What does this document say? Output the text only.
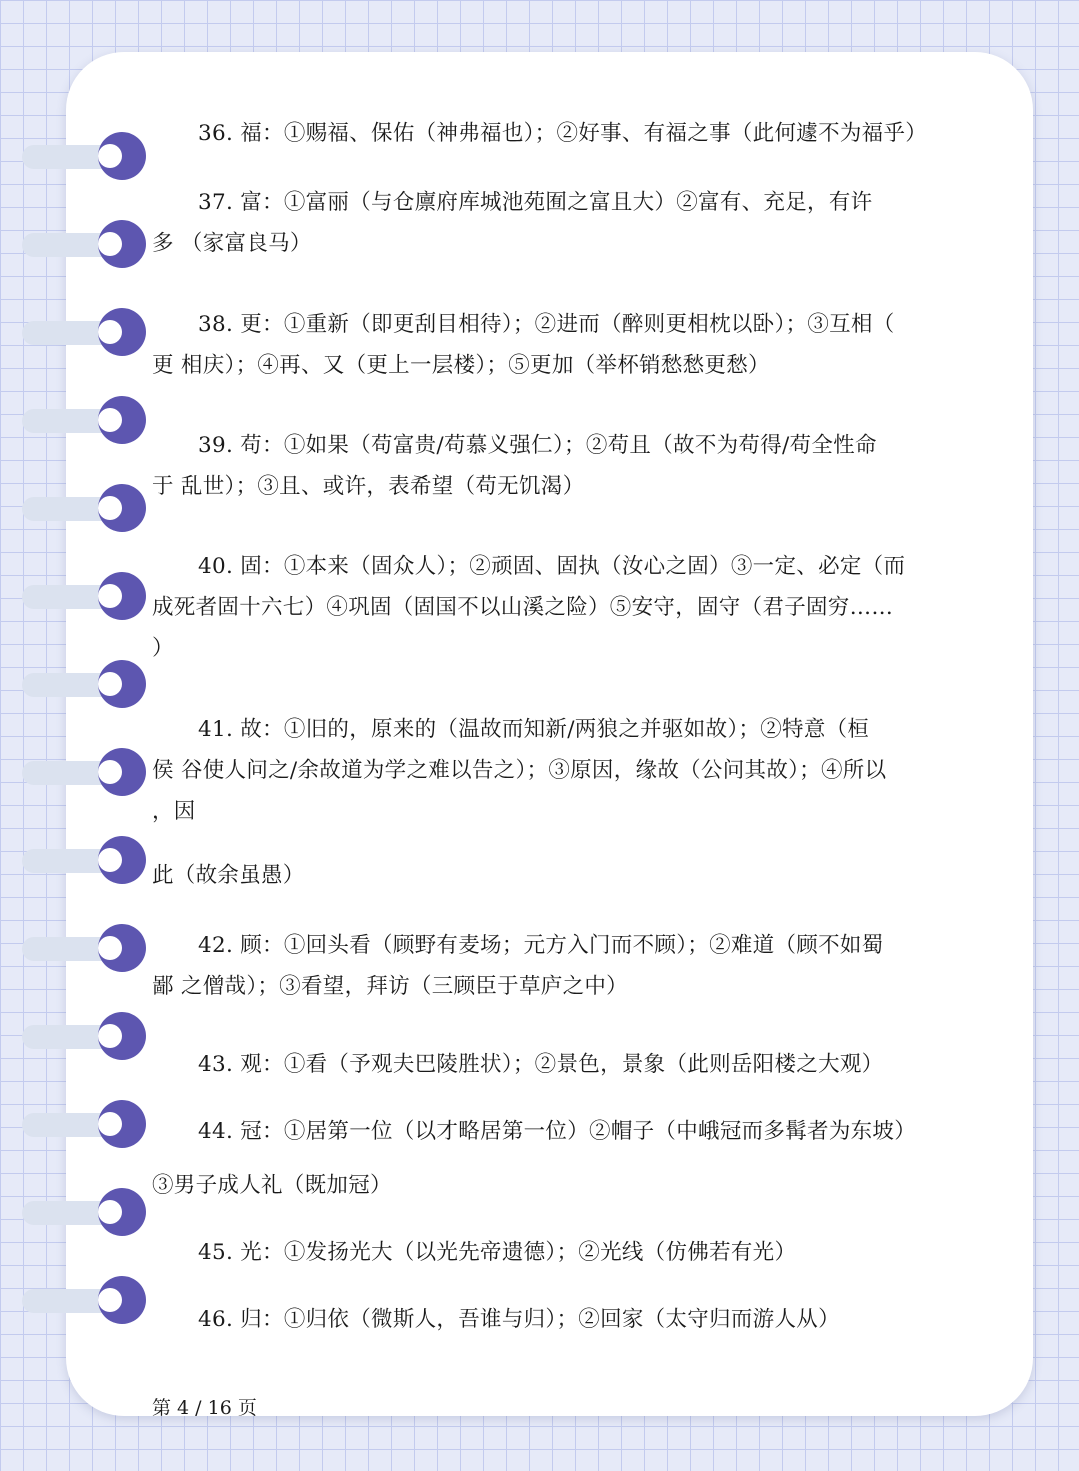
36. 福：①赐福、保佑（神弗福也）；②好事、有福之事（此何遽不为福乎）

37. 富：①富丽（与仓廪府库城池苑囿之富且大）②富有、充足，有许

多 （家富良马）

38. 更：①重新（即更刮目相待）；②进而（醉则更相枕以卧）；③互相（

更 相庆）；④再、又（更上一层楼）；⑤更加（举杯销愁愁更愁）

39. 苟：①如果（苟富贵/苟慕义强仁）；②苟且（故不为苟得/苟全性命

于 乱世）；③且、或许，表希望（苟无饥渴）

40. 固：①本来（固众人）；②顽固、固执（汝心之固）③一定、必定（而

成死者固十六七）④巩固（固国不以山溪之险）⑤安守，固守（君子固穷……

）

41. 故：①旧的，原来的（温故而知新/两狼之并驱如故）；②特意（桓

侯 谷使人问之/余故道为学之难以告之）；③原因，缘故（公问其故）；④所以

，因

此（故余虽愚）

42. 顾：①回头看（顾野有麦场；元方入门而不顾）；②难道（顾不如蜀

鄙 之僧哉）；③看望，拜访（三顾臣于草庐之中）

43. 观：①看（予观夫巴陵胜状）；②景色，景象（此则岳阳楼之大观）

44. 冠：①居第一位（以才略居第一位）②帽子（中峨冠而多髯者为东坡）

③男子成人礼（既加冠）

45. 光：①发扬光大（以光先帝遗德）；②光线（仿佛若有光）

46. 归：①归依（微斯人，吾谁与归）；②回家（太守归而游人从）

第 4 / 16 页
